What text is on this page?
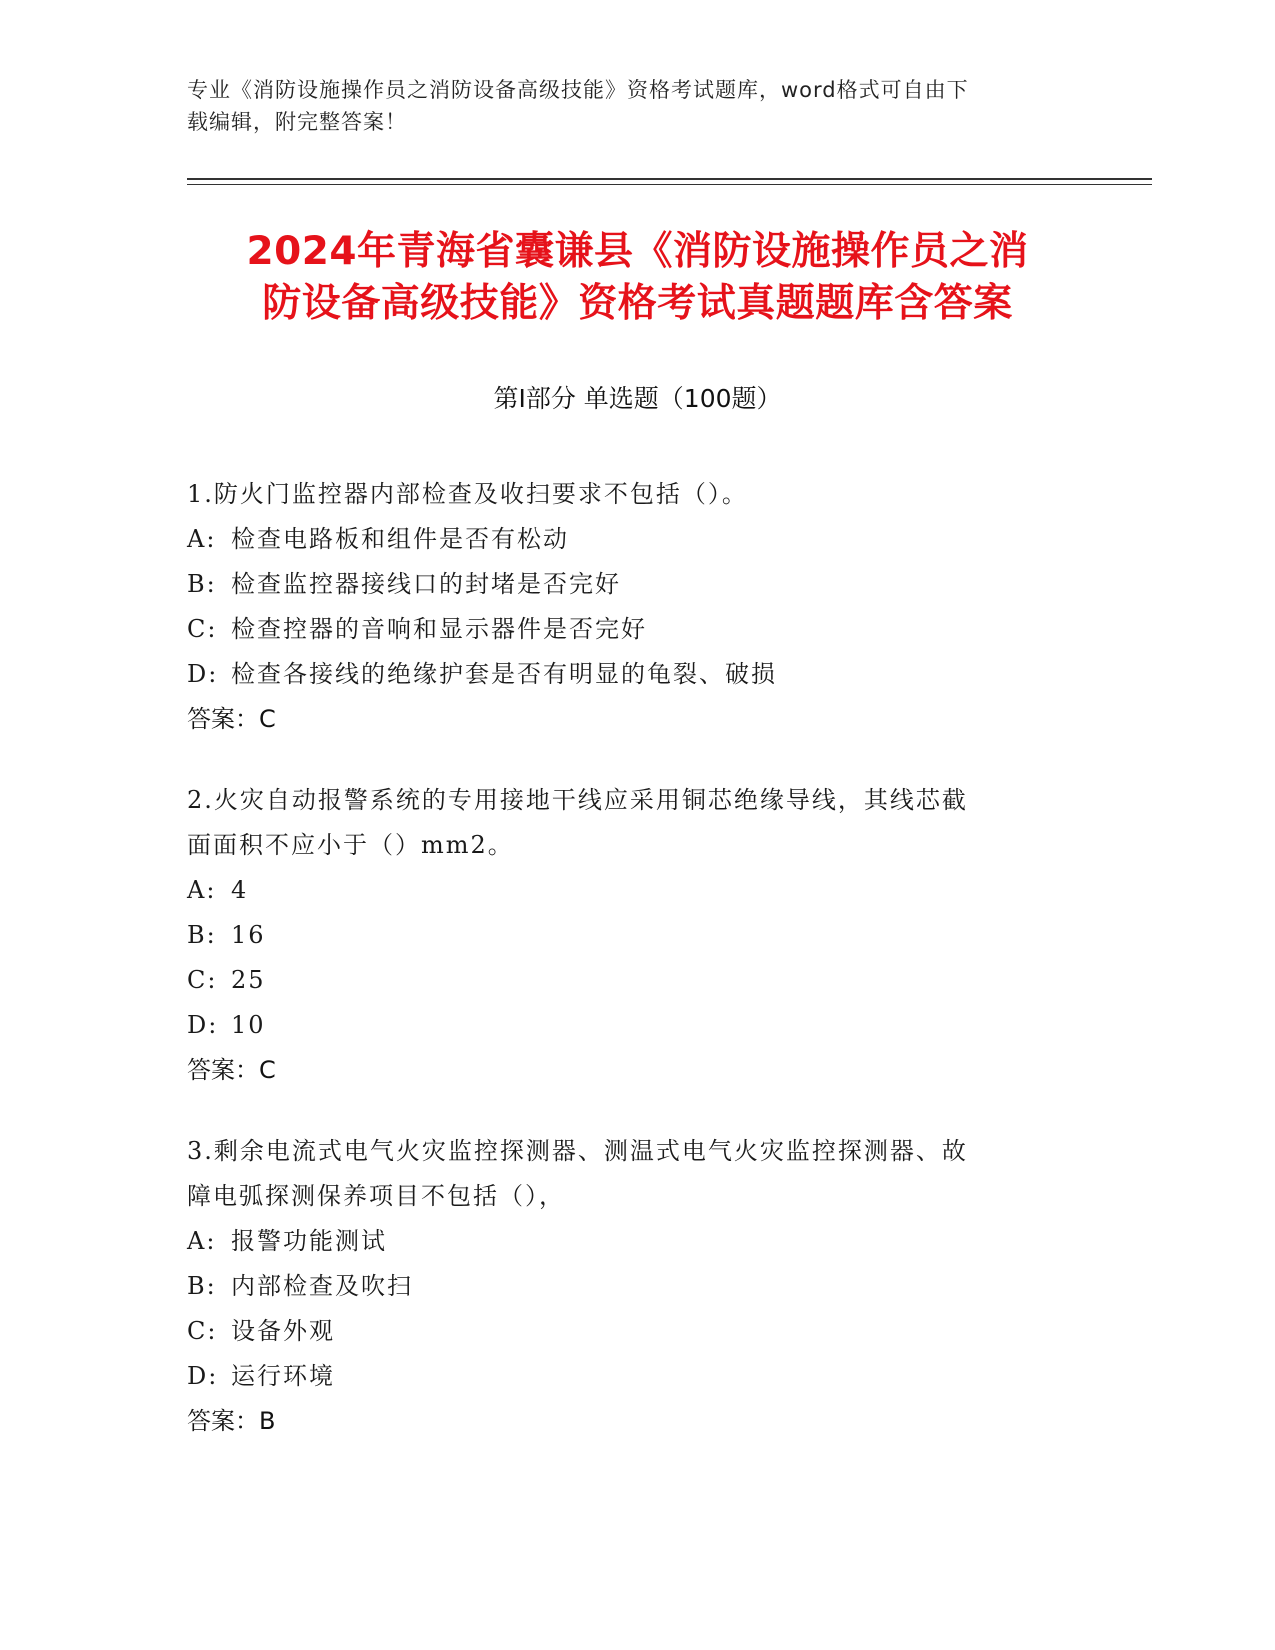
专业《消防设施操作员之消防设备高级技能》资格考试题库，word格式可自由下
载编辑，附完整答案！
2024年青海省囊谦县《消防设施操作员之消
防设备高级技能》资格考试真题题库含答案
第Ⅰ部分 单选题（100题）

1.防火门监控器内部检查及收扫要求不包括（）。

A: 检查电路板和组件是否有松动

B: 检查监控器接线口的封堵是否完好

C: 检查控器的音响和显示器件是否完好

D: 检查各接线的绝缘护套是否有明显的龟裂、破损

答案：C

2.火灾自动报警系统的专用接地干线应采用铜芯绝缘导线，其线芯截

面面积不应小于（）mm2。

A: 4

B: 16

C: 25

D: 10

答案：C

3.剩余电流式电气火灾监控探测器、测温式电气火灾监控探测器、故

障电弧探测保养项目不包括（），

A: 报警功能测试

B: 内部检查及吹扫

C: 设备外观

D: 运行环境

答案：B
